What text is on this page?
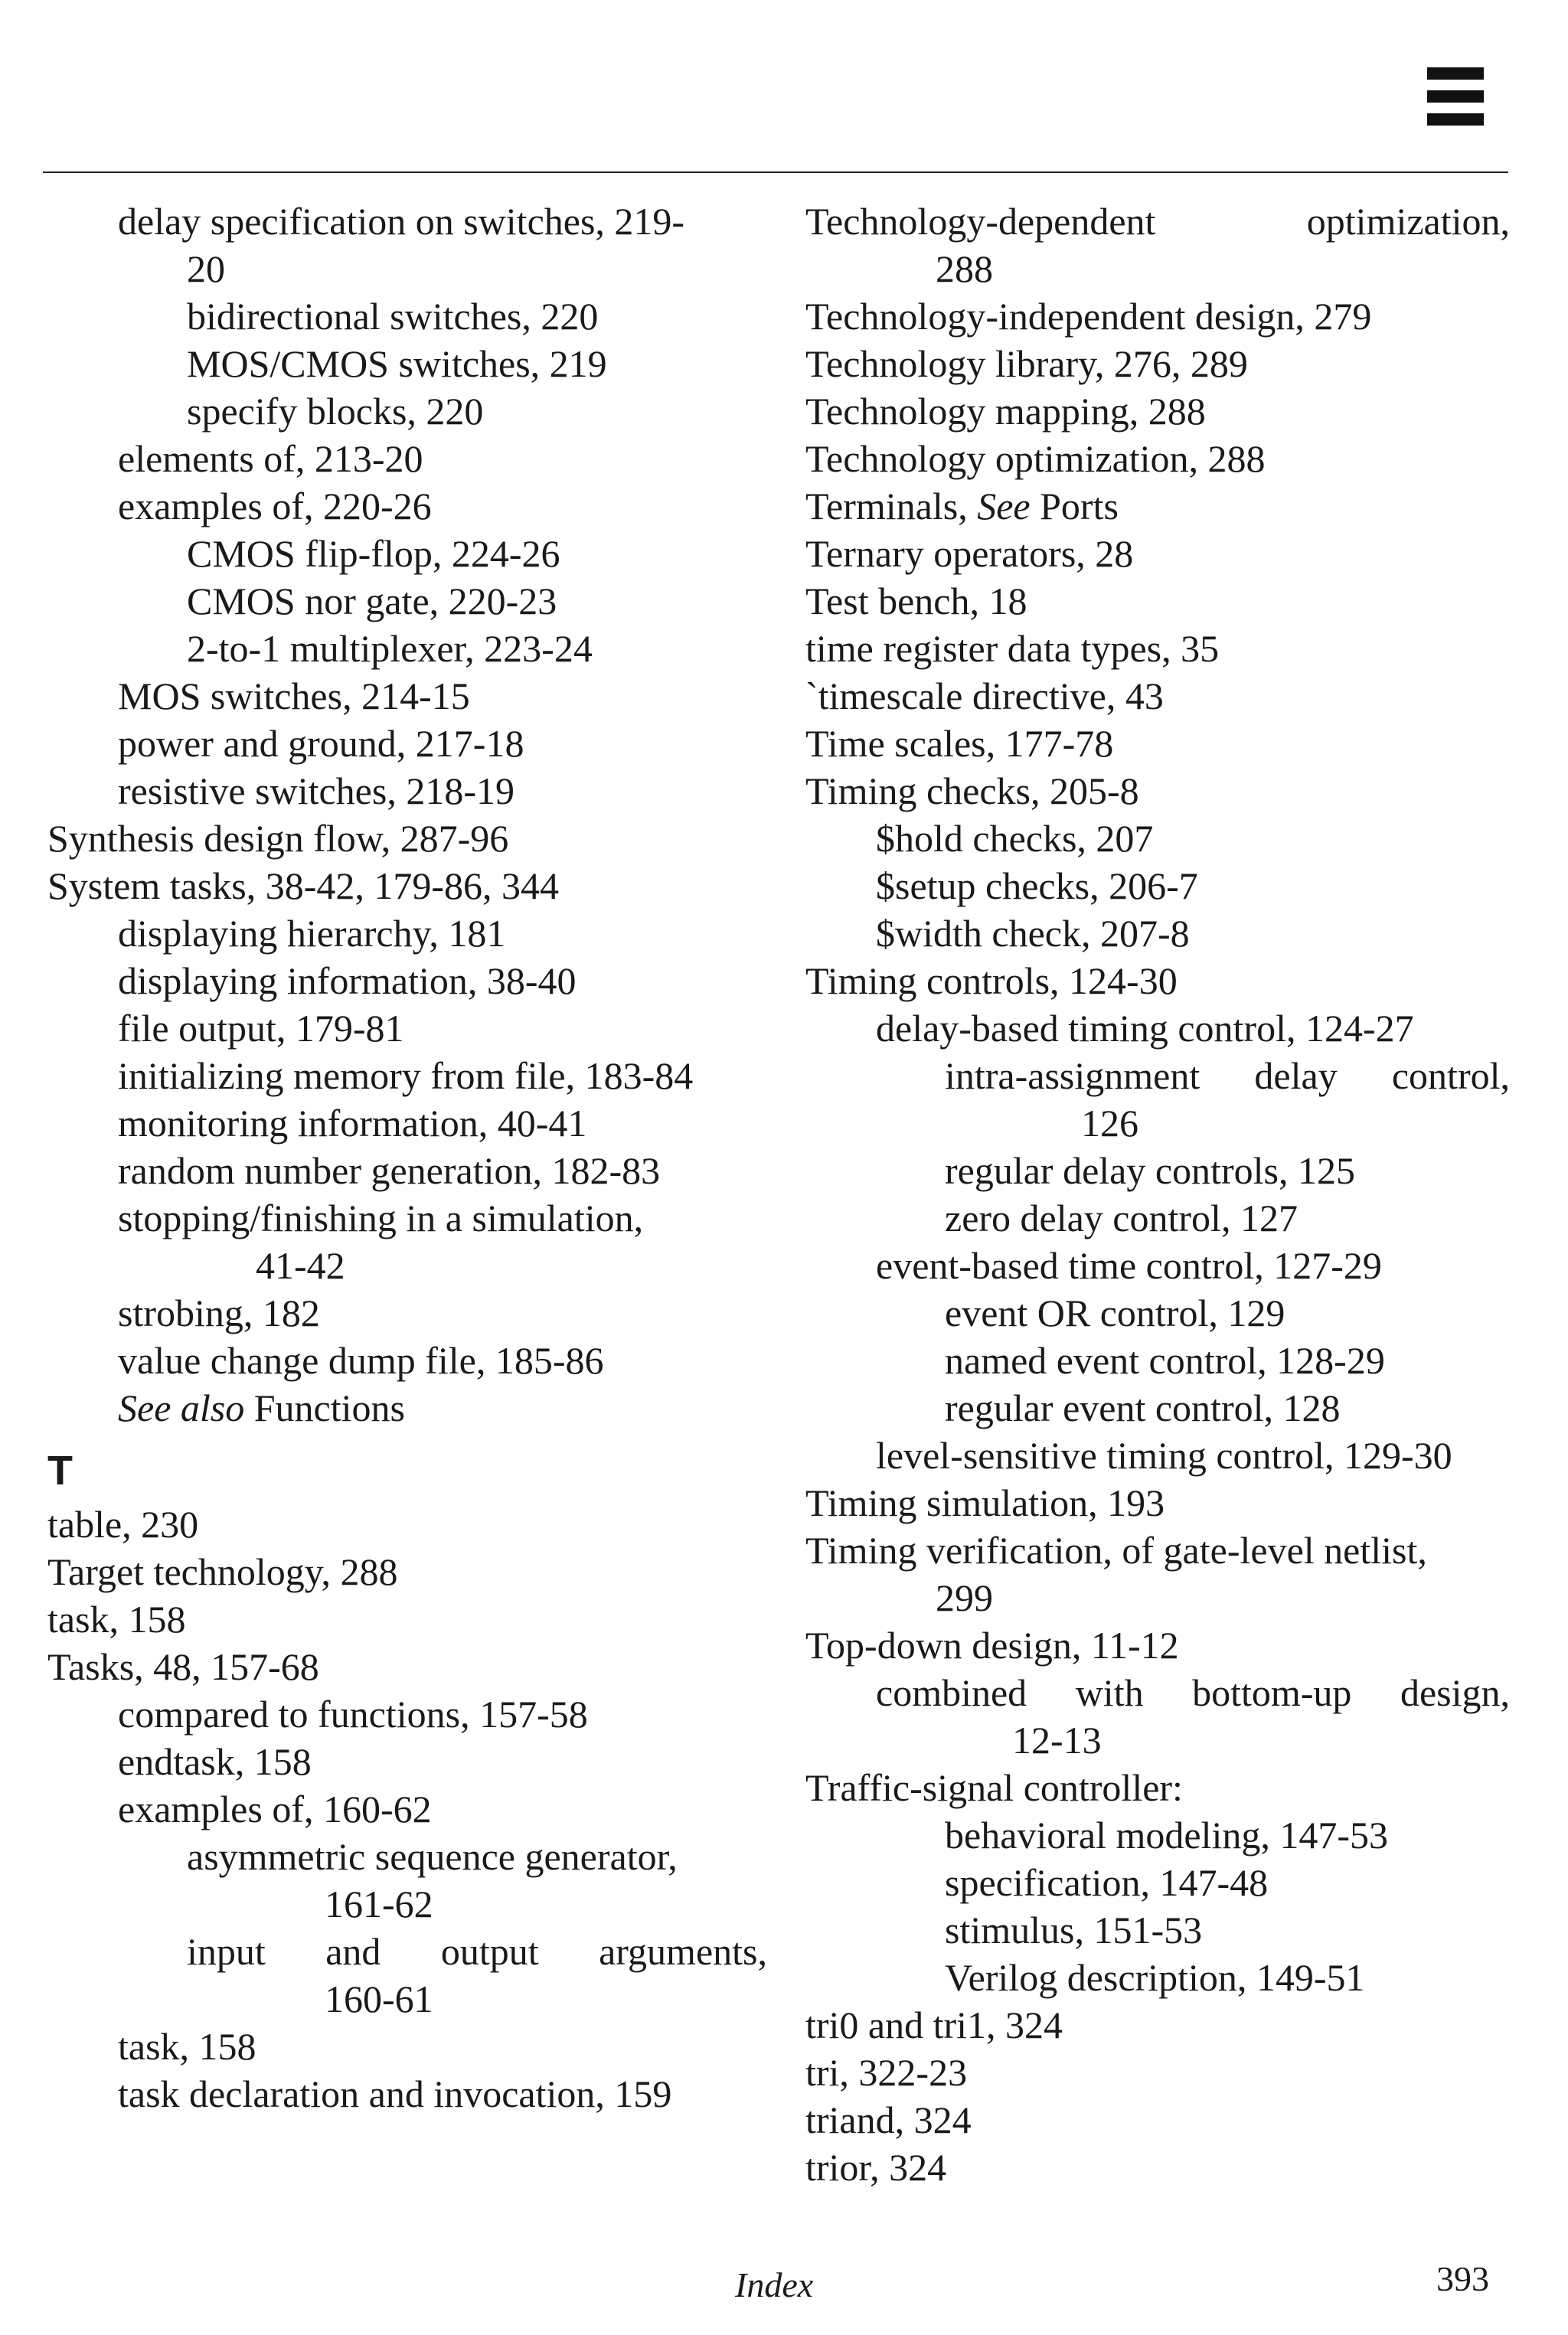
delay specification on switches, 219-
20
bidirectional switches, 220
MOS/CMOS switches, 219
specify blocks, 220
elements of, 213-20
examples of, 220-26
CMOS flip-flop, 224-26
CMOS nor gate, 220-23
2-to-1 multiplexer, 223-24
MOS switches, 214-15
power and ground, 217-18
resistive switches, 218-19
Synthesis design flow, 287-96
System tasks, 38-42, 179-86, 344
displaying hierarchy, 181
displaying information, 38-40
file output, 179-81
initializing memory from file, 183-84
monitoring information, 40-41
random number generation, 182-83
stopping/finishing in a simulation,
41-42
strobing, 182
value change dump file, 185-86
See also Functions
T
table, 230
Target technology, 288
task, 158
Tasks, 48, 157-68
compared to functions, 157-58
endtask, 158
examples of, 160-62
asymmetric sequence generator,
161-62
input and output arguments,
160-61
task, 158
task declaration and invocation, 159
Technology-dependent	optimization,
288
Technology-independent design, 279
Technology library, 276, 289
Technology mapping, 288
Technology optimization, 288
Terminals, See Ports
Ternary operators, 28
Test bench, 18
time register data types, 35
`timescale directive, 43
Time scales, 177-78
Timing checks, 205-8
$hold checks, 207
$setup checks, 206-7
$width check, 207-8
Timing controls, 124-30
delay-based timing control, 124-27
intra-assignment delay control,
126
regular delay controls, 125
zero delay control, 127
event-based time control, 127-29
event OR control, 129
named event control, 128-29
regular event control, 128
level-sensitive timing control, 129-30
Timing simulation, 193
Timing verification, of gate-level netlist,
299
Top-down design, 11-12
combined with bottom-up design,
12-13
Traffic-signal controller:
behavioral modeling, 147-53
specification, 147-48
stimulus, 151-53
Verilog description, 149-51
tri0 and tri1, 324
tri, 322-23
triand, 324
trior, 324
Index	393
